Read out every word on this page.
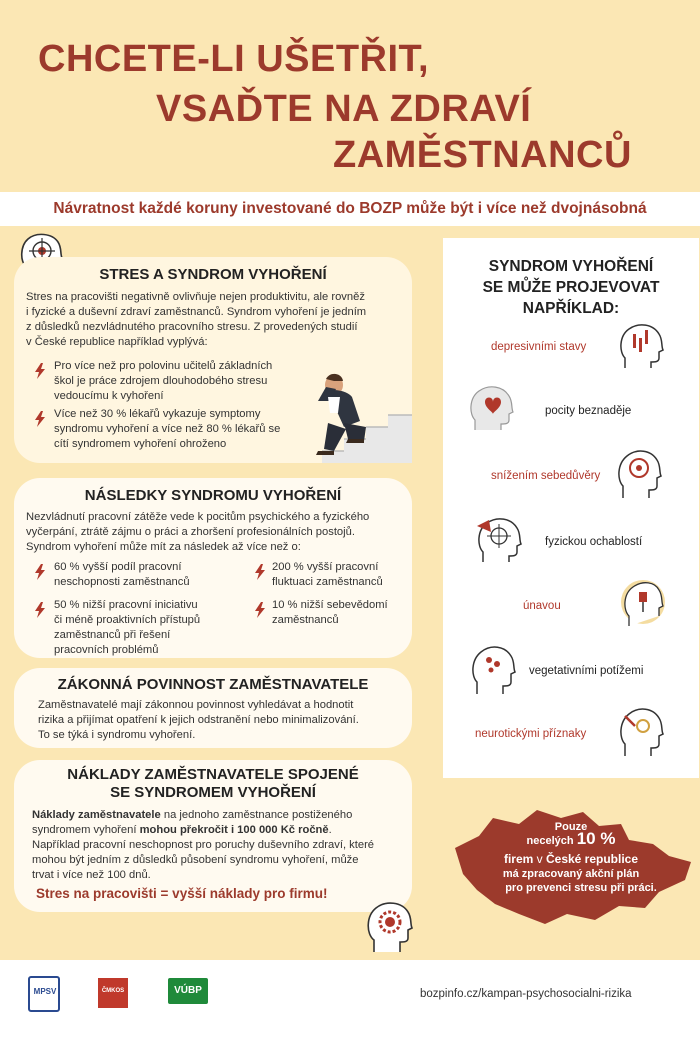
CHCETE-LI UŠETŘIT,
VSAĎTE NA ZDRAVÍ
ZAMĚSTNANCŮ
Návratnost každé koruny investované do BOZP může být i více než dvojnásobná
STRES A SYNDROM VYHOŘENÍ
Stres na pracovišti negativně ovlivňuje nejen produktivitu, ale rovněž
i fyzické a duševní zdraví zaměstnanců. Syndrom vyhoření je jedním
z důsledků nezvládnutého pracovního stresu. Z provedených studií
v České republice například vyplývá:
Pro více než pro polovinu učitelů základních
škol je práce zdrojem dlouhodobého stresu
vedoucímu k vyhoření
Více než 30 % lékařů vykazuje symptomy
syndromu vyhoření a více než 80 % lékařů se
cítí syndromem vyhoření ohroženo
NÁSLEDKY SYNDROMU VYHOŘENÍ
Nezvládnutí pracovní zátěže vede k pocitům psychického a fyzického
vyčerpání, ztrátě zájmu o práci a zhoršení profesionálních postojů.
Syndrom vyhoření může mít za následek až více než o:
60 % vyšší podíl pracovní
neschopnosti zaměstnanců
200 % vyšší pracovní
fluktuaci zaměstnanců
50 % nižší pracovní iniciativu
či méně proaktivních přístupů
zaměstnanců při řešení
pracovních problémů
10 % nižší sebevědomí
zaměstnanců
ZÁKONNÁ POVINNOST ZAMĚSTNAVATELE
Zaměstnavatelé mají zákonnou povinnost vyhledávat a hodnotit
rizika a přijímat opatření k jejich odstranění nebo minimalizování.
To se týká i syndromu vyhoření.
NÁKLADY ZAMĚSTNAVATELE SPOJENÉ
SE SYNDROMEM VYHOŘENÍ
Náklady zaměstnavatele na jednoho zaměstnance postiženého
syndromem vyhoření mohou překročit i 100 000 Kč ročně.
Například pracovní neschopnost pro poruchy duševního zdraví, které
mohou být jedním z důsledků působení syndromu vyhoření, může
trvat i více než 100 dnů.
Stres na pracovišti = vyšší náklady pro firmu!
SYNDROM VYHOŘENÍ
SE MŮŽE PROJEVOVAT
NAPŘÍKLAD:
depresivními stavy
pocity beznaděje
snížením sebedůvěry
fyzickou ochablostí
únavou
vegetativními potížemi
neurotickými příznaky
Pouze
necelých 10 %
firem v České republice
má zpracovaný akční plán
pro prevenci stresu při práci.
MPSV	ČMKOS	VÚBP	bozpinfo.cz/kampan-psychosocialni-rizika
